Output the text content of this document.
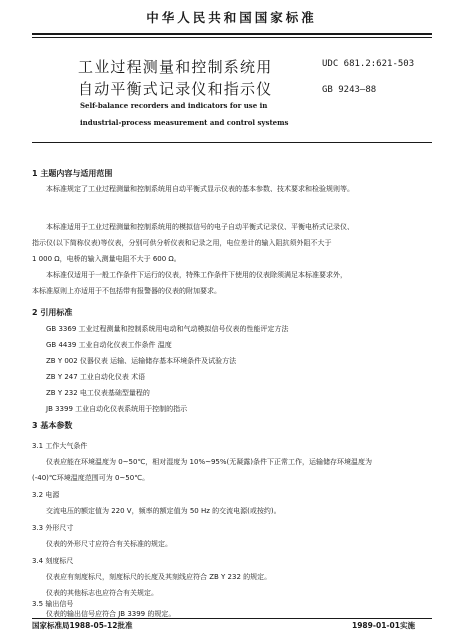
中华人民共和国国家标准
工业过程测量和控制系统用
自动平衡式记录仪和指示仪
UDC 681.2:621-503
GB 9243—88
Self-balance recorders and indicators for use in
industrial-process measurement and control systems
1 主题内容与适用范围
本标准规定了工业过程测量和控制系统用自动平衡式显示仪表的基本参数、技术要求和检验规则等。
本标准适用于工业过程测量和控制系统用的模拟信号的电子自动平衡式记录仪、平衡电桥式记录仪、
指示仪(以下简称仪表)等仪表，分别可供分析仪表和记录之用，电位差计的输入阻抗须外阻不大于
1 000 Ω，电桥的输入测量电阻不大于 600 Ω。
本标准仅适用于一般工作条件下运行的仪表，特殊工作条件下使用的仪表除须满足本标准要求外，
本标准原则上亦适用于不包括带有报警器的仪表的附加要求。
2 引用标准
GB 3369 工业过程测量和控制系统用电动和气动模拟信号仪表的性能评定方法
GB 4439 工业自动化仪表工作条件 温度
ZB Y 002 仪器仪表 运输、运输储存基本环境条件及试验方法
ZB Y 247 工业自动化仪表 术语
ZB Y 232 电工仪表基础型量程的
JB 3399 工业自动化仪表系统用于控制的指示
3 基本参数
3.1 工作大气条件
仪表应能在环境温度为 0~50℃，相对湿度为 10%~95%(无凝露)条件下正常工作，运输储存环境温度为
(-40)℃环境温度范围可为 0~50℃。
3.2 电源
交流电压的额定值为 220 V，频率的额定值为 50 Hz 的交流电源(或按约)。
3.3 外形尺寸
仪表的外形尺寸应符合有关标准的规定。
3.4 刻度标尺
仪表应有刻度标尺，刻度标尺的长度及其刻线应符合 ZB Y 232 的规定。
仪表的其他标志也应符合有关规定。
3.5 输出信号
仪表的输出信号应符合 JB 3399 的规定。
国家标准局1988-05-12批准	1989-01-01实施
